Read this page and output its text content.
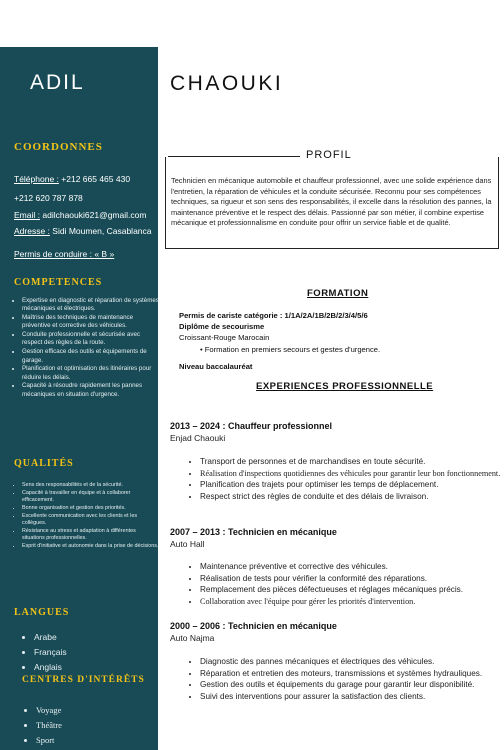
ADIL
COORDONNES
Téléphone : +212 665 465 430
+212 620 787 878
Email : adilchaouki621@gmail.com
Adresse : Sidi Moumen, Casablanca
Permis de conduire : « B »
COMPETENCES
• Expertise en diagnostic et réparation de systèmes mécaniques et électriques.
• Maîtrise des techniques de maintenance préventive et corrective des véhicules.
• Conduite professionnelle et sécurisée avec respect des règles de la route.
• Gestion efficace des outils et équipements de garage.
• Planification et optimisation des itinéraires pour réduire les délais.
• Capacité à résoudre rapidement les pannes mécaniques en situation d'urgence.
QUALITÉS
• Sens des responsabilités et de la sécurité.
• Capacité à travailler en équipe et à collaborer efficacement.
• Bonne organisation et gestion des priorités.
• Excellente communication avec les clients et les collègues.
• Résistance au stress et adaptation à différentes situations professionnelles.
• Esprit d'initiative et autonomie dans la prise de décisions.
LANGUES
• Arabe
• Français
• Anglais
CENTRES D'INTÉRÊTS
• Voyage
• Théâtre
• Sport
CHAOUKI
PROFIL
Technicien en mécanique automobile et chauffeur professionnel, avec une solide expérience dans l'entretien, la réparation de véhicules et la conduite sécurisée. Reconnu pour ses compétences techniques, sa rigueur et son sens des responsabilités, il excelle dans la résolution des pannes, la maintenance préventive et le respect des délais. Passionné par son métier, il combine expertise mécanique et professionnalisme en conduite pour offrir un service fiable et de qualité.
FORMATION
Permis de cariste catégorie : 1/1A/2A/1B/2B/2/3/4/5/6
Diplôme de secourisme
Croissant-Rouge Marocain
• Formation en premiers secours et gestes d'urgence.
Niveau baccalauréat
EXPERIENCES PROFESSIONNELLE
2013 – 2024 : Chauffeur professionnel
Enjad Chaouki
• Transport de personnes et de marchandises en toute sécurité.
• Réalisation d'inspections quotidiennes des véhicules pour garantir leur bon fonctionnement.
• Planification des trajets pour optimiser les temps de déplacement.
• Respect strict des règles de conduite et des délais de livraison.
2007 – 2013 : Technicien en mécanique
Auto Hall
• Maintenance préventive et corrective des véhicules.
• Réalisation de tests pour vérifier la conformité des réparations.
• Remplacement des pièces défectueuses et réglages mécaniques précis.
• Collaboration avec l'équipe pour gérer les priorités d'intervention.
2000 – 2006 : Technicien en mécanique
Auto Najma
• Diagnostic des pannes mécaniques et électriques des véhicules.
• Réparation et entretien des moteurs, transmissions et systèmes hydrauliques.
• Gestion des outils et équipements du garage pour garantir leur disponibilité.
• Suivi des interventions pour assurer la satisfaction des clients.
